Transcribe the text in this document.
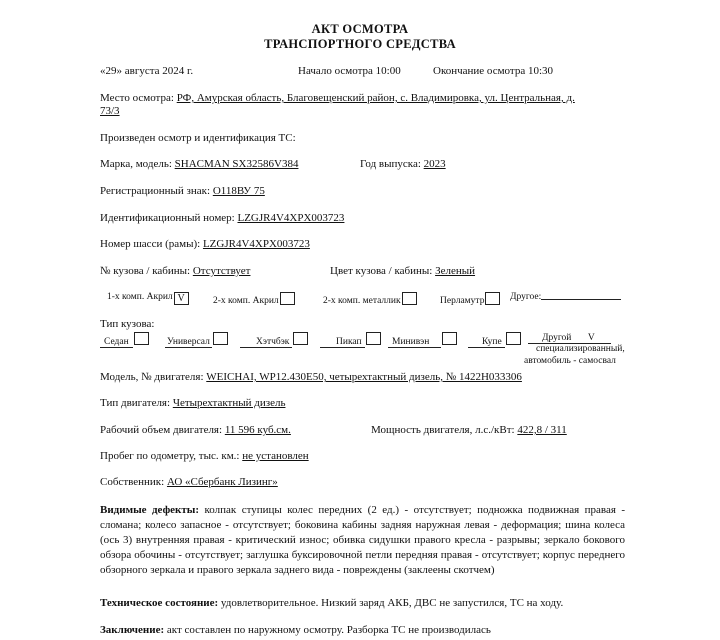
АКТ ОСМОТРА
ТРАНСПОРТНОГО СРЕДСТВА
«29» августа 2024 г.	Начало осмотра 10:00	Окончание осмотра 10:30
Место осмотра: РФ, Амурская область, Благовещенский район, с. Владимировка, ул. Центральная, д.
73/3
Произведен осмотр и идентификация ТС:
Марка, модель: SHACMAN SX32586V384	Год выпуска: 2023
Регистрационный знак: О118ВУ 75
Идентификационный номер: LZGJR4V4XPX003723
Номер шасси (рамы): LZGJR4V4XPX003723
№ кузова / кабины: Отсутствует	Цвет кузова / кабины: Зеленый
1-х комп. Акрил V	2-х комп. Акрил	2-х комп. металлик	Перламутр	Другое:
Тип кузова:
Седан	Универсал	Хэтчбэк	Пикап	Минивэн	Купе	Другой V
специализированный,
автомобиль - самосвал
Модель, № двигателя: WEICHAI, WP12.430E50, четырехтактный дизель, № 1422H033306
Тип двигателя: Четырехтактный дизель
Рабочий объем двигателя: 11 596 куб.см.	Мощность двигателя, л.с./кВт: 422,8 / 311
Пробег по одометру, тыс. км.: не установлен
Собственник: АО «Сбербанк Лизинг»
Видимые дефекты: колпак ступицы колес передних (2 ед.) - отсутствует; подножка подвижная правая - сломана; колесо запасное - отсутствует; боковина кабины задняя наружная левая - деформация; шина колеса (ось 3) внутренняя правая - критический износ; обивка сидушки правого кресла - разрывы; зеркало бокового обзора обочины - отсутствует; заглушка буксировочной петли передняя правая - отсутствует; корпус переднего обзорного зеркала и правого зеркала заднего вида - повреждены (заклеены скотчем)
Техническое состояние: удовлетворительное. Низкий заряд АКБ, ДВС не запустился, ТС на ходу.
Заключение: акт составлен по наружному осмотру. Разборка ТС не производилась
